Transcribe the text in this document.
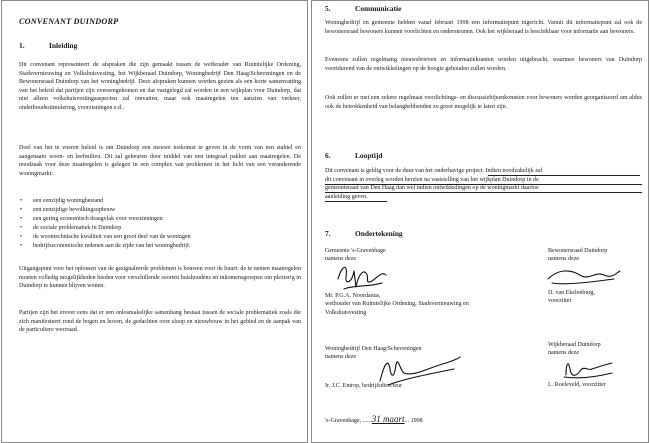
CONVENANT DUINDORP
1.	Inleiding

Dit convenant representeert de afspraken die zijn gemaakt tussen de wethouder van Ruimtelijke Ordening, Stadsvernieuwing en Volkshuisvesting, het Wijkberaad Duindorp, Woningbedrijf Den Haag/Scheveningen en de Bewonersraad Duindorp van het woningbedrijf. Deze afspraken kunnen worden gezien als een korte samenvatting van het beleid dat partijen zijn overeengekomen en dat vastgelegd zal worden in een wijkplan voor Duindorp, dat niet alleen volkshuisvestingsaspecten zal omvatten, maar ook maatregelen ten aanzien van verkeer, onderhoudsstimulering, voorzieningen e.d..

Doel van het te voeren beleid is om Duindorp een nieuwe toekomst te geven in de vorm van een stabiel en aangenaam woon- en leefmilieu. Dit zal gebeuren door middel van een integraal pakket aan maatregelen. De noodzaak voor deze maatregelen is gelegen in een complex van problemen in het licht van een veranderende woningmarkt:

• een eenzijdig woningbestand
• een eenzijdige bevolkingsopbouw
• een gering economisch draagvlak voor voorzieningen
• de sociale problematiek in Duindorp
• de woontechnische kwaliteit van een groot deel van de woningen
• bedrijfseconomische redenen aan de zijde van het woningbedrijf.

Uitgangspunt voor het oplossen van de gesignaleerde problemen is bouwen voor de buurt: de te nemen maatregelen moeten volledig mogelijkheden bieden voor verschillende soorten huishoudens en inkomensgroepen om plezierig in Duindorp te kunnen blijven wonen.

Partijen zijn het erover eens dat er een onlosmakelijke samenhang bestaat tussen de sociale problematiek zoals die zich manifesteert rond de bogen en hoven, de gedachten over sloop en nieuwbouw in het gebied en de aanpak van de particuliere voorraad.

5.	Communicatie

Woningbedrijf en gemeente hebben vanaf februari 1998 een informatiepunt ingericht. Vanuit dit informatiepunt zal ook de bewonersraad bewoners kunnen voorlichten en ondersteunen. Ook het wijkberaad is beschikbaar voor informatie aan bewoners.

Eveneens zullen regelmatig nieuwsbrieven en informatiekranten worden uitgebracht, waarmee bewoners van Duindorp voortdurend van de ontwikkelingen op de hoogte gehouden zullen worden.

Ook zullen er met een zekere regelmaat voorlichtings- en discussiebijeenkomsten voor bewoners worden georganiseerd om aldus ook de betrokkenheid van belanghebbenden zo groot mogelijk te laten zijn.

6.	Looptijd
Dit convenant is geldig voor de duur van het onderhavige project. Indien noodzakelijk zal
dit convenant in overleg worden herzien na vaststelling van het wijkplan Duindorp in de
gemeenteraad van Den Haag dan wel indien ontwikkelingen op de woningmarkt daartoe
aanleiding geven.
7.	Ondertekening
Gemeente 's-Gravenhage
namens deze
Mr. P.G.A. Noordanus,
wethouder van Ruimtelijke Ordening, Stadsvernieuwing en
Volkshuisvesting
Bewonersraad Duindorp
namens deze
D. van Ekelenburg,
voorzitter
Woningbedrijf Den Haag/Scheveningen
namens deze
Ir. J.C. Entrop, bedrijfsdirecteur
Wijkberaad Duindorp
namens deze
L. Roeleveld, voorzitter
's-Gravenhage, ......31 maart... 1998
